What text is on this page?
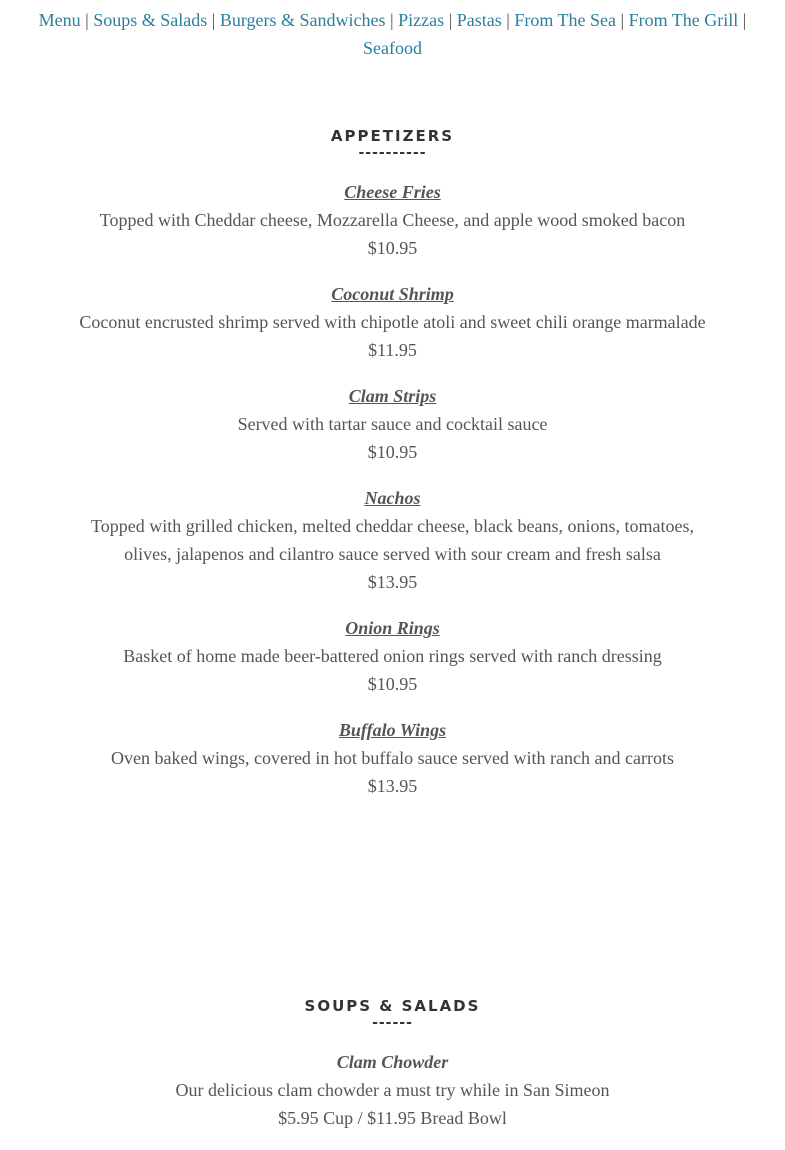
Menu | Soups & Salads | Burgers & Sandwiches | Pizzas | Pastas | From The Sea | From The Grill |
Seafood
APPETIZERS
----------
Cheese Fries
Topped with Cheddar cheese, Mozzarella Cheese, and apple wood smoked bacon
$10.95
Coconut Shrimp
Coconut encrusted shrimp served with chipotle atoli and sweet chili orange marmalade
$11.95
Clam Strips
Served with tartar sauce and cocktail sauce
$10.95
Nachos
Topped with grilled chicken, melted cheddar cheese, black beans, onions, tomatoes, olives, jalapenos and cilantro sauce served with sour cream and fresh salsa
$13.95
Onion Rings
Basket of home made beer-battered onion rings served with ranch dressing
$10.95
Buffalo Wings
Oven baked wings, covered in hot buffalo sauce served with ranch and carrots
$13.95
SOUPS & SALADS
------
Clam Chowder
Our delicious clam chowder a must try while in San Simeon
$5.95 Cup / $11.95 Bread Bowl
